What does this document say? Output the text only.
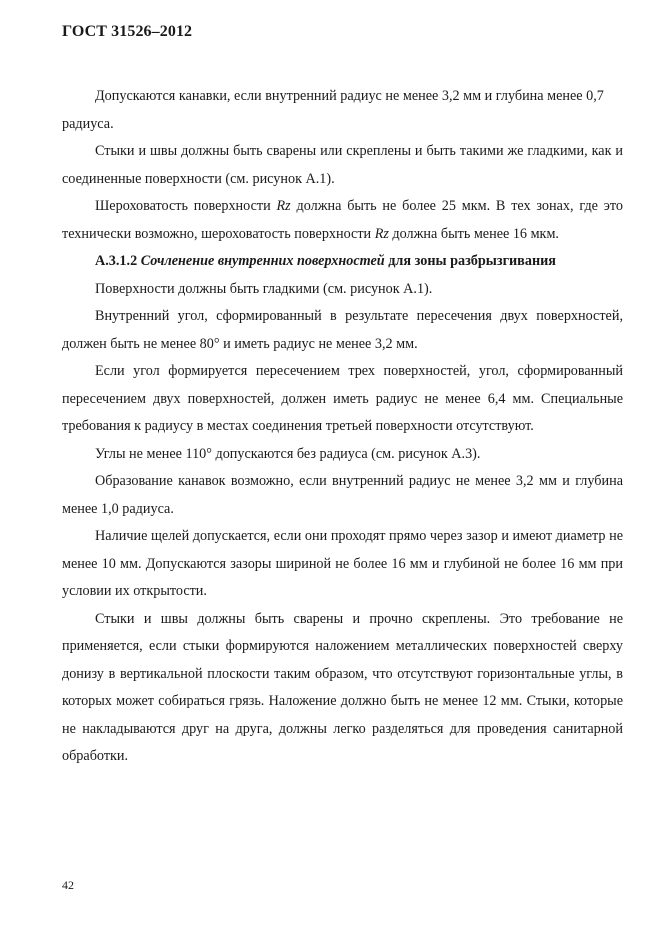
ГОСТ 31526–2012

Допускаются канавки, если внутренний радиус не менее 3,2 мм и глубина менее 0,7 радиуса.

Стыки и швы должны быть сварены или скреплены и быть такими же гладкими, как и соединенные поверхности (см. рисунок А.1).

Шероховатость поверхности Rz должна быть не более 25 мкм. В тех зонах, где это технически возможно, шероховатость поверхности Rz должна быть менее 16 мкм.

А.3.1.2 Сочленение внутренних поверхностей для зоны разбрызгивания

Поверхности должны быть гладкими (см. рисунок А.1).

Внутренний угол, сформированный в результате пересечения двух поверхностей, должен быть не менее 80° и иметь радиус не менее 3,2 мм.

Если угол формируется пересечением трех поверхностей, угол, сформированный пересечением двух поверхностей, должен иметь радиус не менее 6,4 мм. Специальные требования к радиусу в местах соединения третьей поверхности отсутствуют.

Углы не менее 110° допускаются без радиуса (см. рисунок А.3).

Образование канавок возможно, если внутренний радиус не менее 3,2 мм и глубина менее 1,0 радиуса.

Наличие щелей допускается, если они проходят прямо через зазор и имеют диаметр не менее 10 мм. Допускаются зазоры шириной не более 16 мм и глубиной не более 16 мм при условии их открытости.

Стыки и швы должны быть сварены и прочно скреплены. Это требование не применяется, если стыки формируются наложением металлических поверхностей сверху донизу в вертикальной плоскости таким образом, что отсутствуют горизонтальные углы, в которых может собираться грязь. Наложение должно быть не менее 12 мм. Стыки, которые не накладываются друг на друга, должны легко разделяться для проведения санитарной обработки.

42
